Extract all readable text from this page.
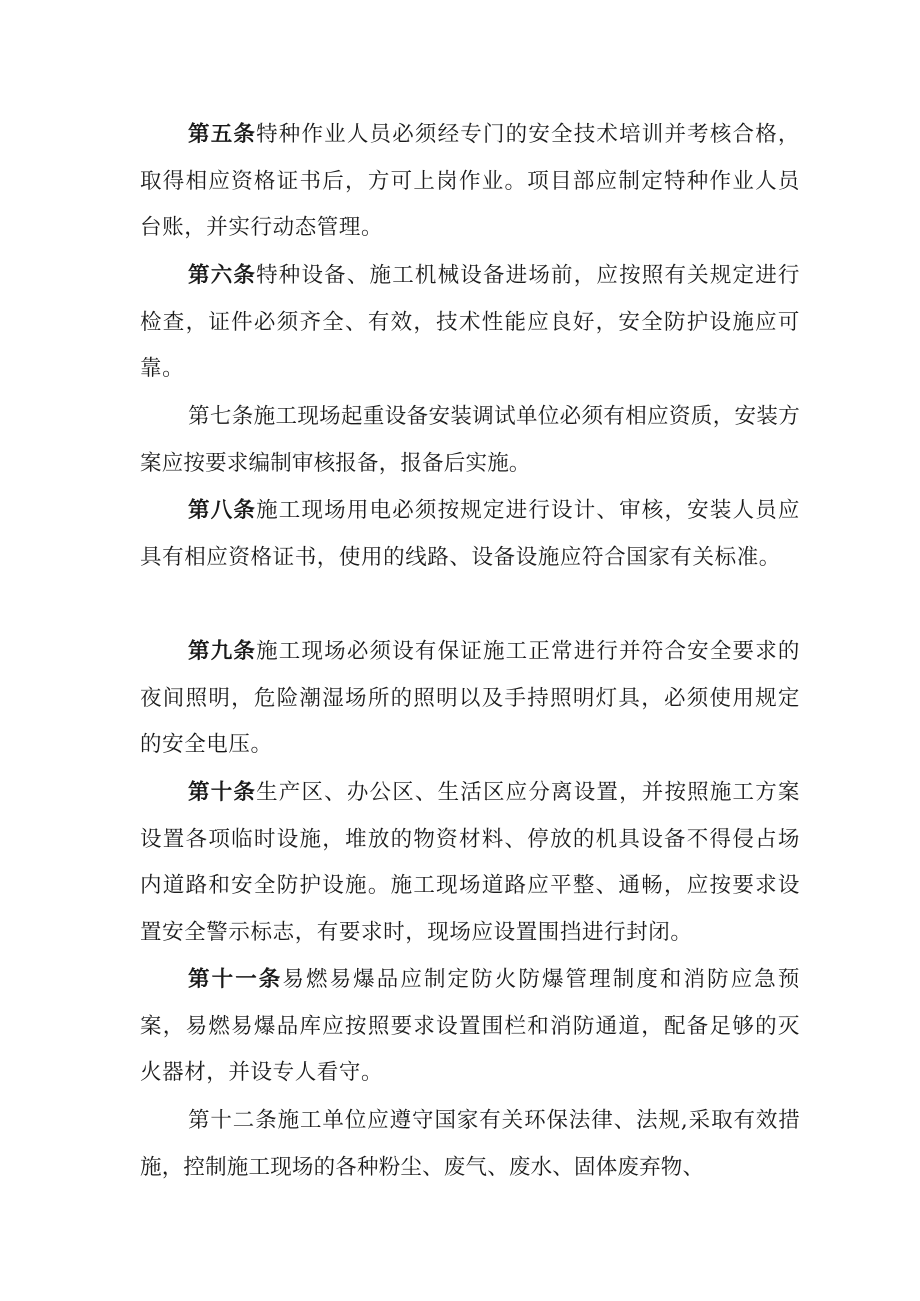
第五条特种作业人员必须经专门的安全技术培训并考核合格，取得相应资格证书后，方可上岗作业。项目部应制定特种作业人员台账，并实行动态管理。

第六条特种设备、施工机械设备进场前，应按照有关规定进行检查，证件必须齐全、有效，技术性能应良好，安全防护设施应可靠。

第七条施工现场起重设备安装调试单位必须有相应资质，安装方案应按要求编制审核报备，报备后实施。

第八条施工现场用电必须按规定进行设计、审核，安装人员应具有相应资格证书，使用的线路、设备设施应符合国家有关标准。

第九条施工现场必须设有保证施工正常进行并符合安全要求的夜间照明，危险潮湿场所的照明以及手持照明灯具，必须使用规定的安全电压。

第十条生产区、办公区、生活区应分离设置，并按照施工方案设置各项临时设施，堆放的物资材料、停放的机具设备不得侵占场内道路和安全防护设施。施工现场道路应平整、通畅，应按要求设置安全警示标志，有要求时，现场应设置围挡进行封闭。

第十一条易燃易爆品应制定防火防爆管理制度和消防应急预案，易燃易爆品库应按照要求设置围栏和消防通道，配备足够的灭火器材，并设专人看守。

第十二条施工单位应遵守国家有关环保法律、法规,采取有效措施，控制施工现场的各种粉尘、废气、废水、固体废弃物、
